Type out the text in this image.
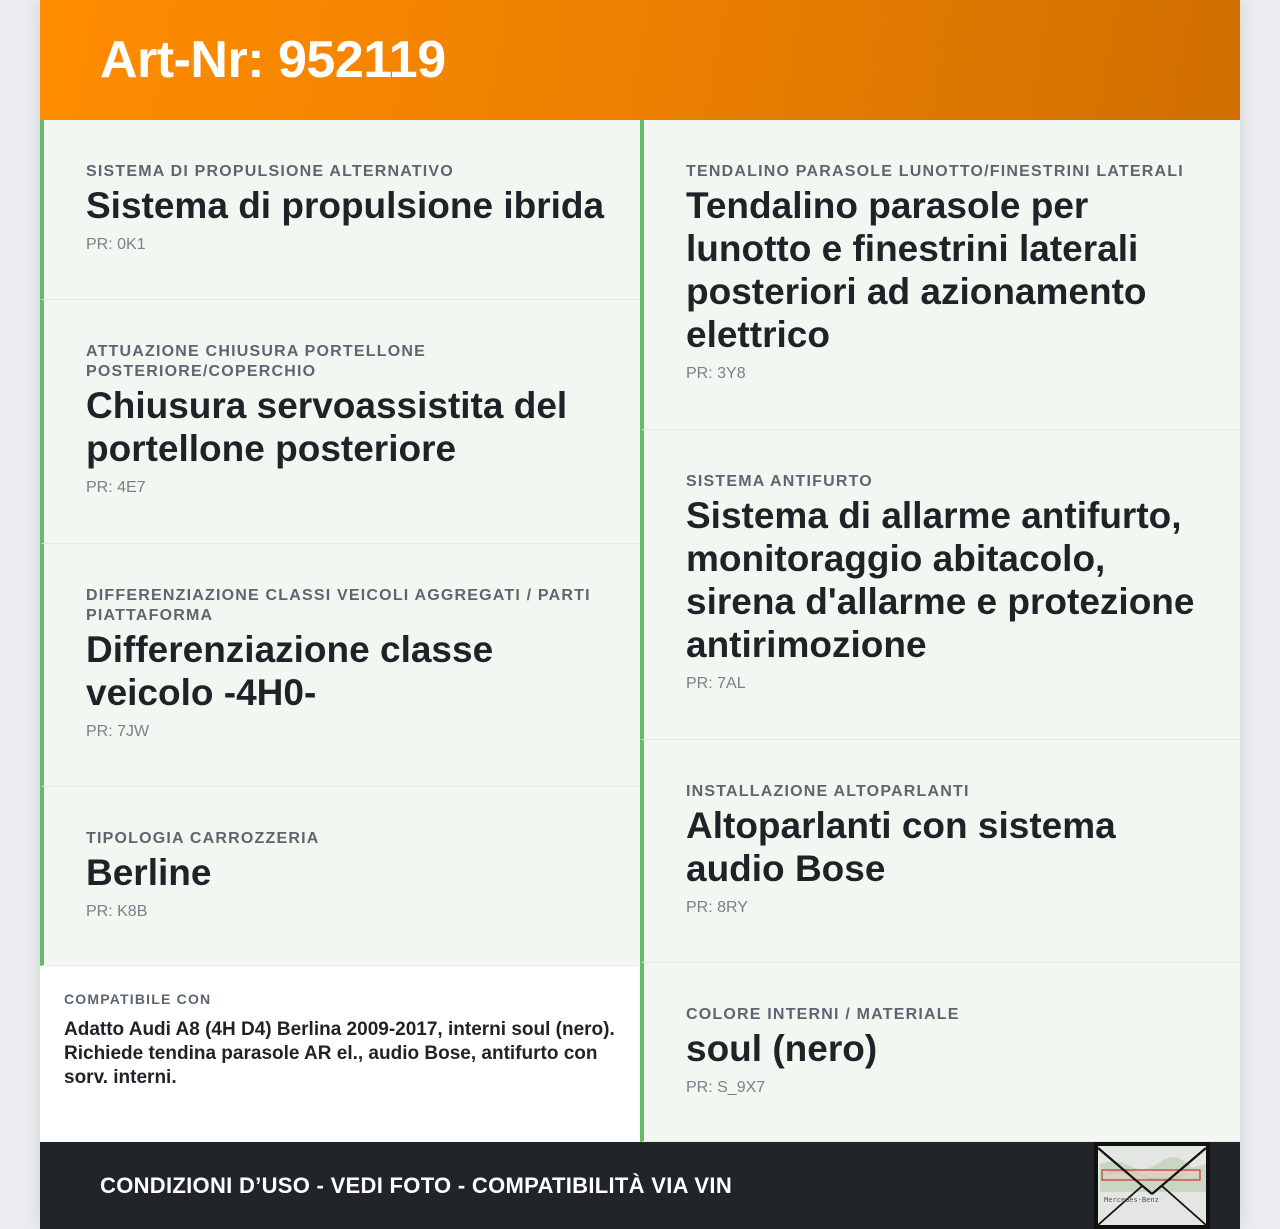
Art-Nr: 952119
SISTEMA DI PROPULSIONE ALTERNATIVO
Sistema di propulsione ibrida
PR: 0K1
ATTUAZIONE CHIUSURA PORTELLONE POSTERIORE/COPERCHIO
Chiusura servoassistita del portellone posteriore
PR: 4E7
DIFFERENZIAZIONE CLASSI VEICOLI AGGREGATI / PARTI PIATTAFORMA
Differenziazione classe veicolo -4H0-
PR: 7JW
TIPOLOGIA CARROZZERIA
Berline
PR: K8B
COMPATIBILE CON
Adatto Audi A8 (4H D4) Berlina 2009-2017, interni soul (nero). Richiede tendina parasole AR el., audio Bose, antifurto con sorv. interni.
TENDALINO PARASOLE LUNOTTO/FINESTRINI LATERALI
Tendalino parasole per lunotto e finestrini laterali posteriori ad azionamento elettrico
PR: 3Y8
SISTEMA ANTIFURTO
Sistema di allarme antifurto, monitoraggio abitacolo, sirena d'allarme e protezione antirimozione
PR: 7AL
INSTALLAZIONE ALTOPARLANTI
Altoparlanti con sistema audio Bose
PR: 8RY
COLORE INTERNI / MATERIALE
soul (nero)
PR: S_9X7
CONDIZIONI D’USO - VEDI FOTO - COMPATIBILITÀ VIA VIN
Mercedes-Benz
